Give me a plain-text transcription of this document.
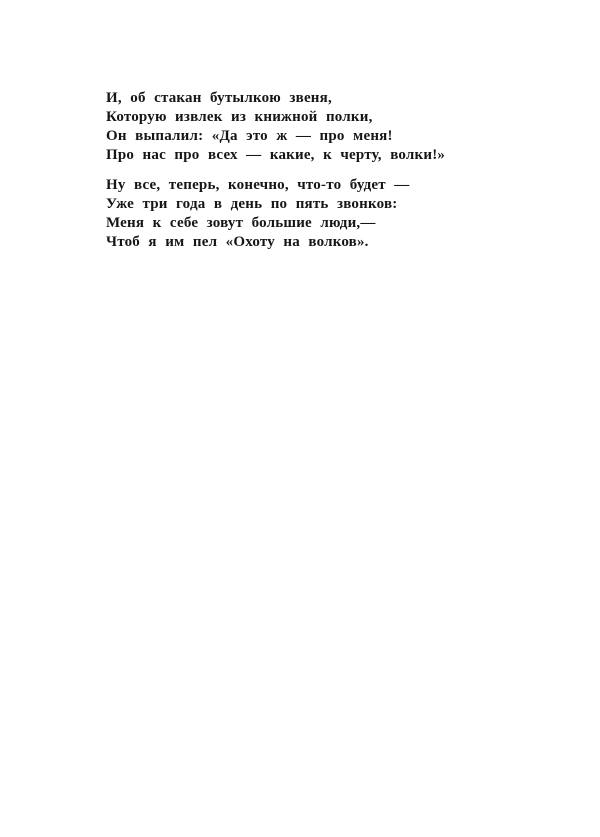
И, об стакан бутылкою звеня,
Которую извлек из книжной полки,
Он выпалил: «Да это ж — про меня!
Про нас про всех — какие, к черту, волки!»
Ну все, теперь, конечно, что-то будет —
Уже три года в день по пять звонков:
Меня к себе зовут большие люди,—
Чтоб я им пел «Охоту на волков».
